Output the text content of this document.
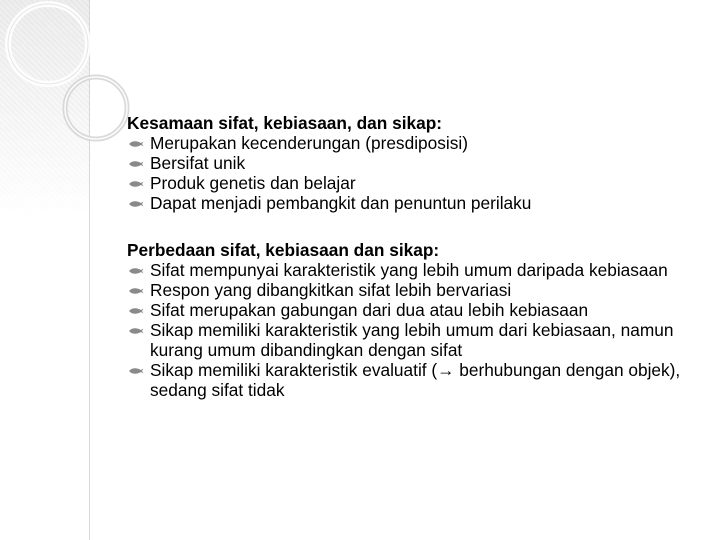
Kesamaan sifat, kebiasaan, dan sikap:

Merupakan kecenderungan (presdiposisi)
Bersifat unik
Produk genetis dan belajar
Dapat menjadi pembangkit dan penuntun perilaku

Perbedaan sifat, kebiasaan dan sikap:

Sifat mempunyai karakteristik yang lebih umum daripada kebiasaan
Respon yang dibangkitkan sifat lebih bervariasi
Sifat merupakan gabungan dari dua atau lebih kebiasaan
Sikap memiliki karakteristik yang lebih umum dari kebiasaan, namun kurang umum dibandingkan dengan sifat
Sikap memiliki karakteristik evaluatif (→ berhubungan dengan objek), sedang sifat tidak
